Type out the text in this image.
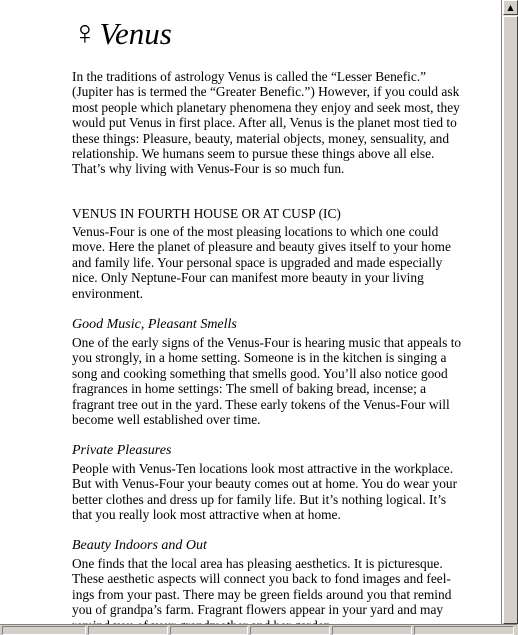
♀Venus

In the traditions of astrology Venus is called the “Lesser Benefic.” (Jupiter has is termed the “Greater Benefic.”) However, if you could ask most people which planetary phenomena they enjoy and seek most, they would put Venus in first place. After all, Venus is the planet most tied to these things: Pleasure, beauty, material objects, money, sensuality, and relationship. We humans seem to pursue these things above all else. That’s why living with Venus-Four is so much fun.

VENUS IN FOURTH HOUSE OR AT CUSP (IC)

Venus-Four is one of the most pleasing locations to which one could move. Here the planet of pleasure and beauty gives itself to your home and family life. Your personal space is upgraded and made especially nice. Only Neptune-Four can manifest more beauty in your living environment.

Good Music, Pleasant Smells

One of the early signs of the Venus-Four is hearing music that appeals to you strongly, in a home setting. Someone is in the kitchen is singing a song and cooking something that smells good. You’ll also notice good fragrances in home settings: The smell of baking bread, incense; a fragrant tree out in the yard. These early tokens of the Venus-Four will become well established over time.

Private Pleasures

People with Venus-Ten locations look most attractive in the workplace. But with Venus-Four your beauty comes out at home. You do wear your better clothes and dress up for family life. But it’s nothing logical. It’s that you really look most attractive when at home.

Beauty Indoors and Out

One finds that the local area has pleasing aesthetics. It is picturesque. These aesthetic aspects will connect you back to fond images and feel-ings from your past. There may be green fields around you that remind you of grandpa’s farm. Fragrant flowers appear in your yard and may

▲
